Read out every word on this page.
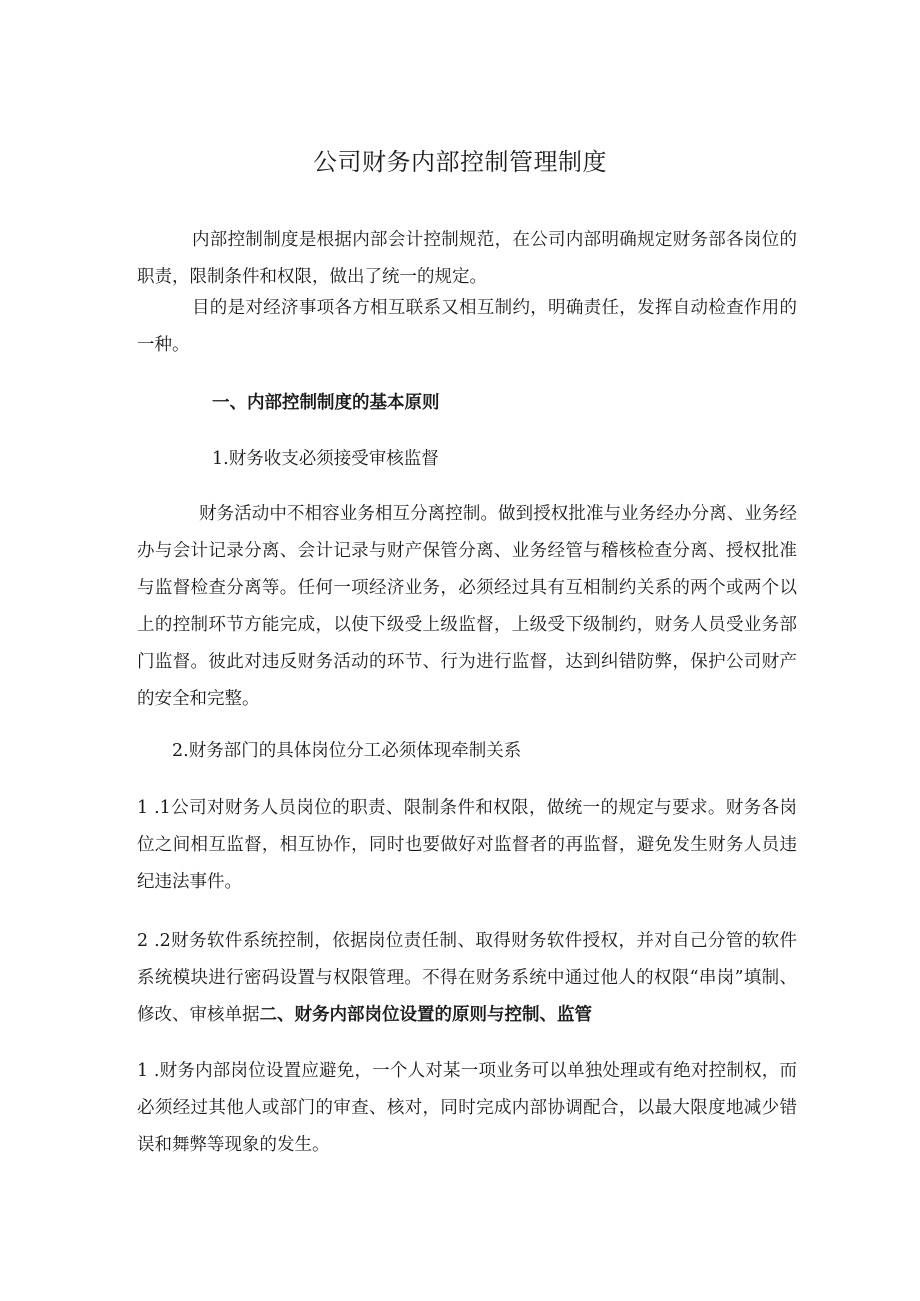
公司财务内部控制管理制度

内部控制制度是根据内部会计控制规范，在公司内部明确规定财务部各岗位的职责，限制条件和权限，做出了统一的规定。

目的是对经济事项各方相互联系又相互制约，明确责任，发挥自动检查作用的一种。

一、内部控制制度的基本原则
1.财务收支必须接受审核监督

财务活动中不相容业务相互分离控制。做到授权批准与业务经办分离、业务经办与会计记录分离、会计记录与财产保管分离、业务经管与稽核检查分离、授权批准与监督检查分离等。任何一项经济业务，必须经过具有互相制约关系的两个或两个以上的控制环节方能完成，以使下级受上级监督，上级受下级制约，财务人员受业务部门监督。彼此对违反财务活动的环节、行为进行监督，达到纠错防弊，保护公司财产的安全和完整。

2.财务部门的具体岗位分工必须体现牵制关系

1 .1公司对财务人员岗位的职责、限制条件和权限，做统一的规定与要求。财务各岗位之间相互监督，相互协作，同时也要做好对监督者的再监督，避免发生财务人员违纪违法事件。

2 .2财务软件系统控制，依据岗位责任制、取得财务软件授权，并对自己分管的软件系统模块进行密码设置与权限管理。不得在财务系统中通过他人的权限“串岗”填制、修改、审核单据二、财务内部岗位设置的原则与控制、监管

1 .财务内部岗位设置应避免，一个人对某一项业务可以单独处理或有绝对控制权，而必须经过其他人或部门的审查、核对，同时完成内部协调配合，以最大限度地减少错误和舞弊等现象的发生。
